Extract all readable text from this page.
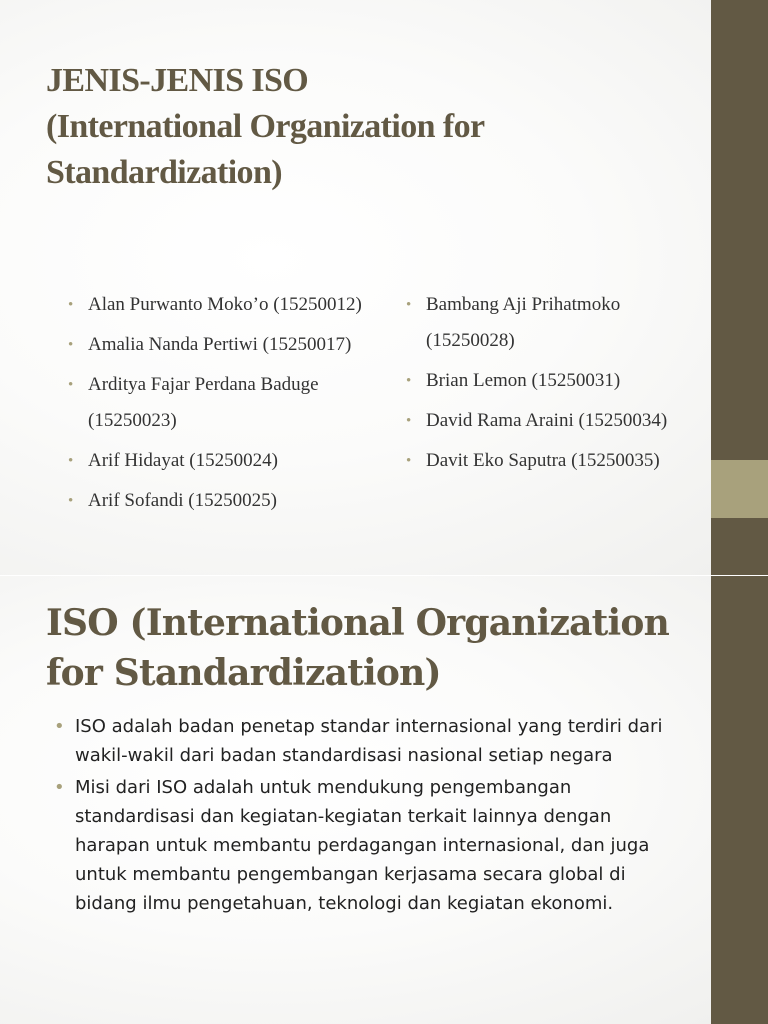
JENIS-JENIS ISO
(International Organization for
Standardization)
• Alan Purwanto Moko’o (15250012)
• Amalia Nanda Pertiwi (15250017)
• Arditya Fajar Perdana Baduge (15250023)
• Arif Hidayat (15250024)
• Arif Sofandi (15250025)
• Bambang Aji Prihatmoko (15250028)
• Brian Lemon (15250031)
• David Rama Araini (15250034)
• Davit Eko Saputra (15250035)
ISO (International Organization
for Standardization)
• ISO adalah badan penetap standar internasional yang terdiri dari wakil-wakil dari badan standardisasi nasional setiap negara
• Misi dari ISO adalah untuk mendukung pengembangan standardisasi dan kegiatan-kegiatan terkait lainnya dengan harapan untuk membantu perdagangan internasional, dan juga untuk membantu pengembangan kerjasama secara global di bidang ilmu pengetahuan, teknologi dan kegiatan ekonomi.
